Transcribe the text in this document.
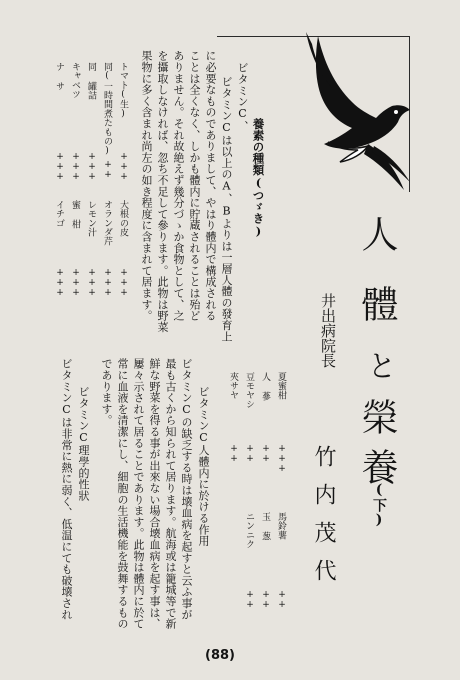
人
體
と
榮
養
(下)
井出病院長
竹内茂代
養素の種類(つゞき)
ビタミンC、
ビタミンCは以上のA、Bよりは一層人體の發育上
に必要なものでありまして、やはり體内で構成される
ことは全くなく、しかも體内に貯蔵されることは殆ど
ありません。それ故絶えず幾分づゝか食物として、之
を攝取しなければ、忽ち不足して參ります。此物は野菜
果物に多く含まれ尚左の如き程度に含まれて居ます。
トマト(生)
+++
同(一時間煮たもの)
++
同 罐詰
+++
キャベツ
+++
ナ サ
+++
大根の皮
+++
オランダ芹
+++
レモン汁
+++
蜜 柑
+++
イチゴ
+++
夏蜜柑
+++
人 蔘
++
豆モヤシ
++
夾サヤ
++
馬鈴薯
++
玉 葱
++
ニンニク
++
ビタミンC人體内に於ける作用
ビタミンCの缺乏する時は壊血病を起すと云ふ事が
最も古くから知られて居ります。航海或は籠城等で新
鮮な野菜を得る事が出來ない場合壊血病を起す事は、
屢々示されて居ることであります。此物は體内に於て
常に血液を清潔にし、細胞の生活機能を鼓舞するもの
であります。
ビタミンC理學的性狀
ビタミンCは非常に熱に弱く、低温にても破壊され
(88)
